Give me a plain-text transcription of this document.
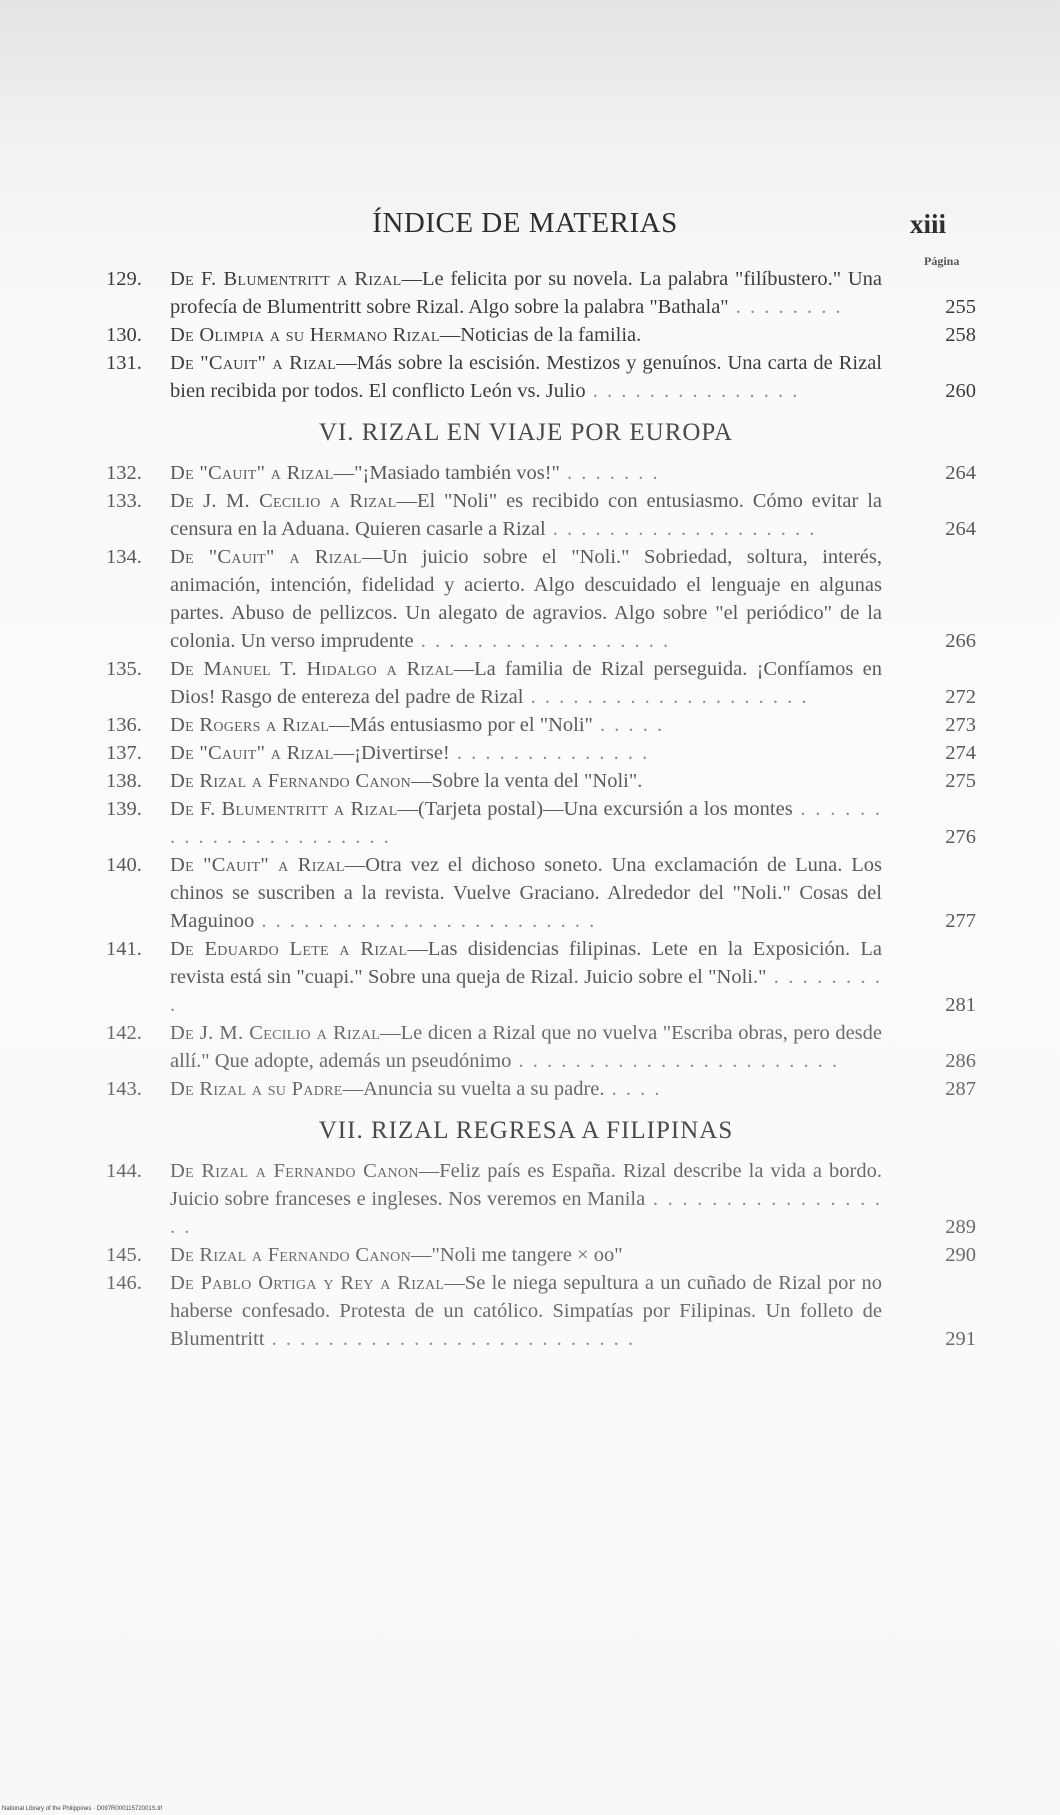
ÍNDICE DE MATERIAS	xiii
Página
129.	De F. Blumentritt a Rizal—Le felicita por su novela. La palabra "filíbustero." Una profecía de Blumentritt sobre Rizal. Algo sobre la palabra "Bathala" . . . . . . . .	255
130.	De Olimpia a su Hermano Rizal—Noticias de la familia.	258
131.	De "Cauit" a Rizal—Más sobre la escisión. Mestizos y genuínos. Una carta de Rizal bien recibida por todos. El conflicto León vs. Julio . . . . . . . . . . . . . . .	260
VI. RIZAL EN VIAJE POR EUROPA
132.	De "Cauit" a Rizal—"¡Masiado también vos!" . . . . . . .	264
133.	De J. M. Cecilio a Rizal—El "Noli" es recibido con entusiasmo. Cómo evitar la censura en la Aduana. Quieren casarle a Rizal . . . . . . . . . . . . . . . . . . .	264
134.	De "Cauit" a Rizal—Un juicio sobre el "Noli." Sobriedad, soltura, interés, animación, intención, fidelidad y acierto. Algo descuidado el lenguaje en algunas partes. Abuso de pellizcos. Un alegato de agravios. Algo sobre "el periódico" de la colonia. Un verso imprudente . . . . . . . . . . . . . . . . . .	266
135.	De Manuel T. Hidalgo a Rizal—La familia de Rizal perseguida. ¡Confíamos en Dios! Rasgo de entereza del padre de Rizal . . . . . . . . . . . . . . . . . . . .	272
136.	De Rogers a Rizal—Más entusiasmo por el "Noli" . . . . .	273
137.	De "Cauit" a Rizal—¡Divertirse! . . . . . . . . . . . . . .	274
138.	De Rizal a Fernando Canon—Sobre la venta del "Noli".	275
139.	De F. Blumentritt a Rizal—(Tarjeta postal)—Una excursión a los montes . . . . . . . . . . . . . . . . . . . . . .	276
140.	De "Cauit" a Rizal—Otra vez el dichoso soneto. Una exclamación de Luna. Los chinos se suscriben a la revista. Vuelve Graciano. Alrededor del "Noli." Cosas del Maguinoo . . . . . . . . . . . . . . . . . . . . . . . .	277
141.	De Eduardo Lete a Rizal—Las disidencias filipinas. Lete en la Exposición. La revista está sin "cuapi." Sobre una queja de Rizal. Juicio sobre el "Noli." . . . . . . . . .	281
142.	De J. M. Cecilio a Rizal—Le dicen a Rizal que no vuelva "Escriba obras, pero desde allí." Que adopte, además un pseudónimo . . . . . . . . . . . . . . . . . . . . . . .	286
143.	De Rizal a su Padre—Anuncia su vuelta a su padre. . . . .	287
VII. RIZAL REGRESA A FILIPINAS
144.	De Rizal a Fernando Canon—Feliz país es España. Rizal describe la vida a bordo. Juicio sobre franceses e ingleses. Nos veremos en Manila . . . . . . . . . . . . . . . . . .	289
145.	De Rizal a Fernando Canon—"Noli me tangere × oo"	290
146.	De Pablo Ortiga y Rey a Rizal—Se le niega sepultura a un cuñado de Rizal por no haberse confesado. Protesta de un católico. Simpatías por Filipinas. Un folleto de Blumentritt . . . . . . . . . . . . . . . . . . . . . . . . . .	291
National Library of the Philippines · D097R00011572001S.tif
